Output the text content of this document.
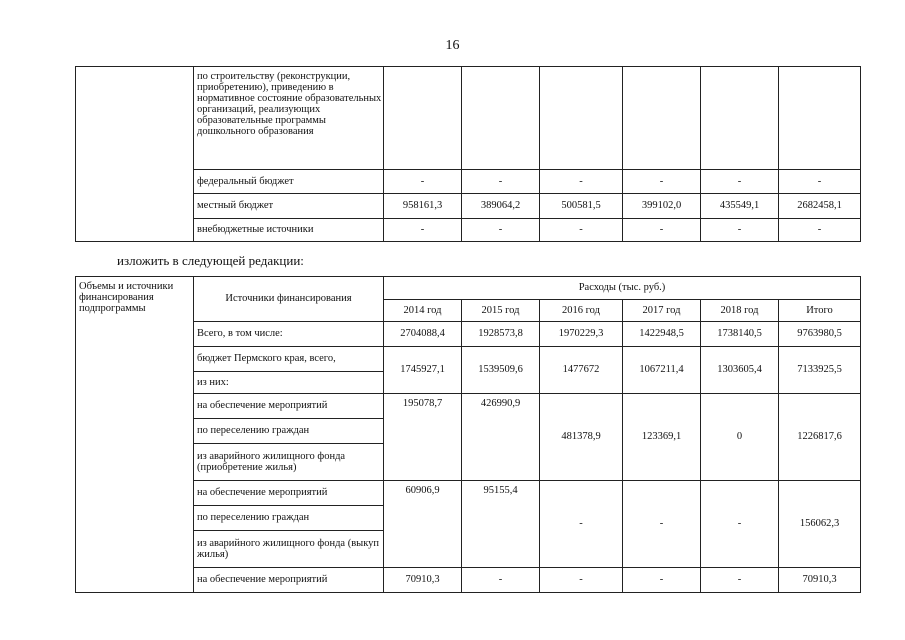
16
	по строительству (реконструкции, приобретению), приведению в нормативное состояние образовательных организаций, реализующих образовательные программы дошкольного образования						
	федеральный бюджет	-	-	-	-	-	-
	местный бюджет	958161,3	389064,2	500581,5	399102,0	435549,1	2682458,1
	внебюджетные источники	-	-	-	-	-	-
изложить в следующей редакции:
Объемы и источники финансирования подпрограммы	Источники финансирования	Расходы (тыс. руб.)					
		2014 год	2015 год	2016 год	2017 год	2018 год	Итого
	Всего, в том числе:	2704088,4	1928573,8	1970229,3	1422948,5	1738140,5	9763980,5
	бюджет Пермского края, всего,	1745927,1	1539509,6	1477672	1067211,4	1303605,4	7133925,5
	из них:						
	на обеспечение мероприятий	195078,7	426990,9	481378,9	123369,1	0	1226817,6
	по переселению граждан						
	из аварийного жилищного фонда (приобретение жилья)						
	на обеспечение мероприятий	60906,9	95155,4	-	-	-	156062,3
	по переселению граждан						
	из аварийного жилищного фонда (выкуп жилья)						
	на обеспечение мероприятий	70910,3	-	-	-	-	70910,3
